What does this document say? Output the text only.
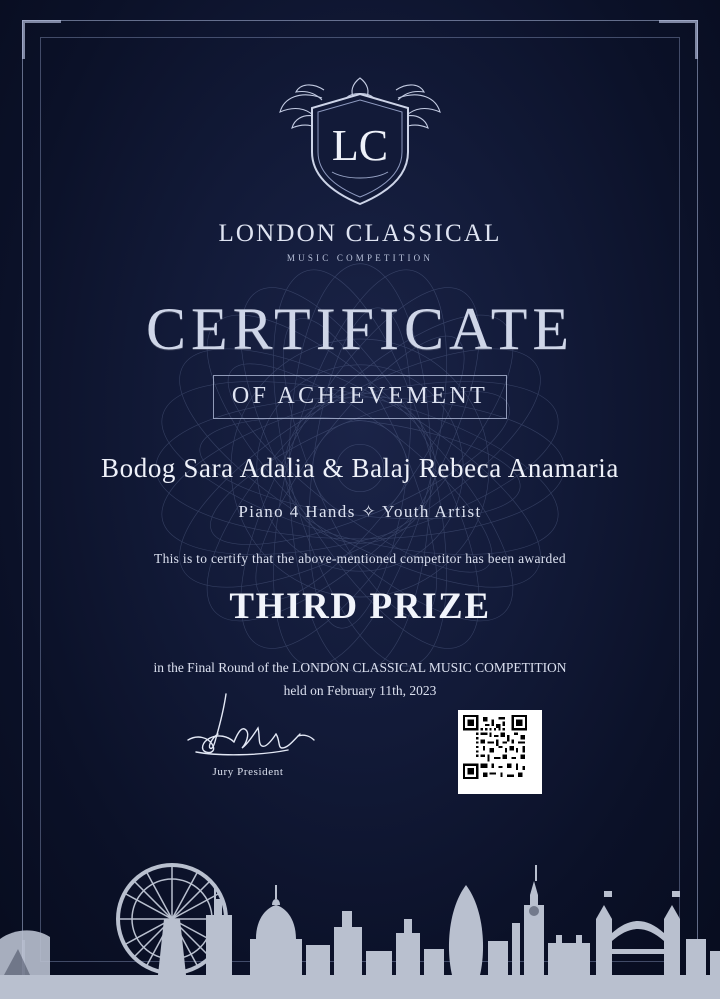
LC
LONDON CLASSICAL
MUSIC COMPETITION
CERTIFICATE
OF ACHIEVEMENT
Bodog Sara Adalia & Balaj Rebeca Anamaria
Piano 4 Hands ✧ Youth Artist
This is to certify that the above-mentioned competitor has been awarded
THIRD PRIZE
in the Final Round of the LONDON CLASSICAL MUSIC COMPETITION
held on February 11th, 2023
Jury President
